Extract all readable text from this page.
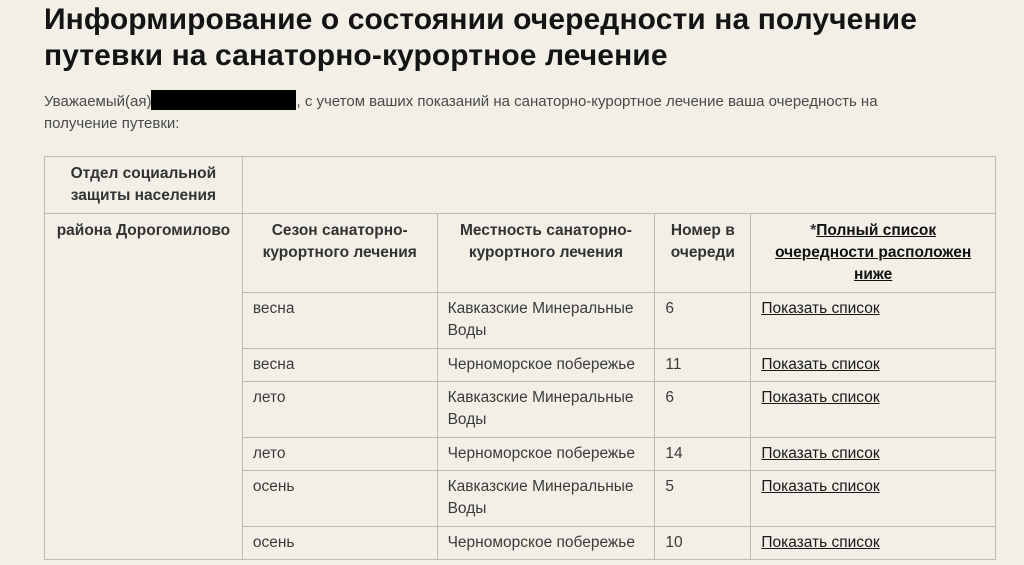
Информирование о состоянии очередности на получение путевки на санаторно-курортное лечение

Уважаемый(ая)	, с учетом ваших показаний на санаторно-курортное лечение ваша очередность на получение путевки:

Отдел социальной защиты населения				
района Дорогомилово	Сезон санаторно-курортного лечения	Местность санаторно-курортного лечения	Номер в очереди	*Полный список очередности расположен ниже
	весна	Кавказские Минеральные Воды	6	Показать список
	весна	Черноморское побережье	11	Показать список
	лето	Кавказские Минеральные Воды	6	Показать список
	лето	Черноморское побережье	14	Показать список
	осень	Кавказские Минеральные Воды	5	Показать список
	осень	Черноморское побережье	10	Показать список
